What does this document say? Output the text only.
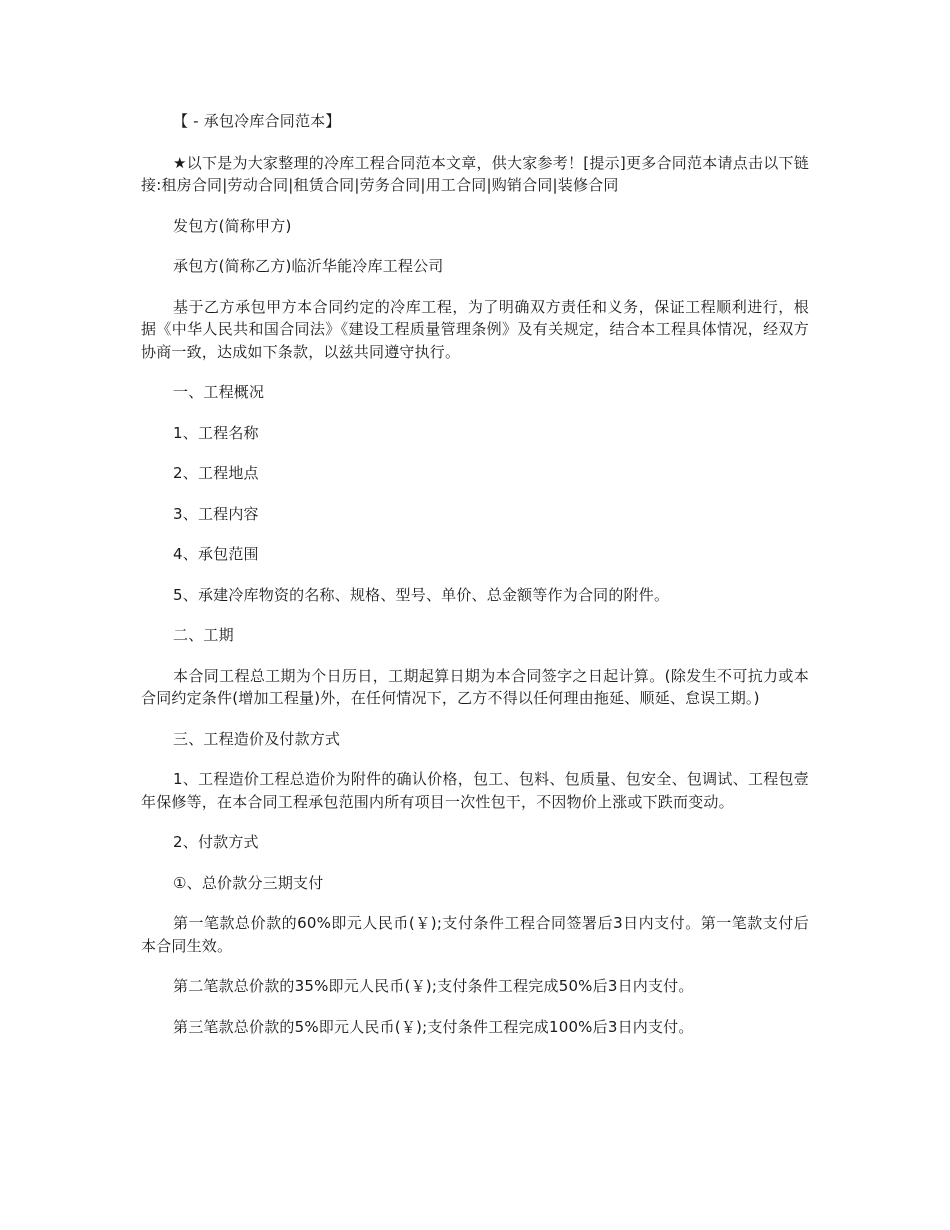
【 - 承包冷库合同范本】

★以下是为大家整理的冷库工程合同范本文章，供大家参考！[提示]更多合同范本请点击以下链接:租房合同|劳动合同|租赁合同|劳务合同|用工合同|购销合同|装修合同

发包方(简称甲方)

承包方(简称乙方)临沂华能冷库工程公司

基于乙方承包甲方本合同约定的冷库工程，为了明确双方责任和义务，保证工程顺利进行，根据《中华人民共和国合同法》《建设工程质量管理条例》及有关规定，结合本工程具体情况，经双方协商一致，达成如下条款，以兹共同遵守执行。

一、工程概况

1、工程名称

2、工程地点

3、工程内容

4、承包范围

5、承建冷库物资的名称、规格、型号、单价、总金额等作为合同的附件。

二、工期

本合同工程总工期为个日历日，工期起算日期为本合同签字之日起计算。(除发生不可抗力或本合同约定条件(增加工程量)外，在任何情况下，乙方不得以任何理由拖延、顺延、怠误工期。)

三、工程造价及付款方式

1、工程造价工程总造价为附件的确认价格，包工、包料、包质量、包安全、包调试、工程包壹年保修等，在本合同工程承包范围内所有项目一次性包干，不因物价上涨或下跌而变动。

2、付款方式

①、总价款分三期支付

第一笔款总价款的60%即元人民币(￥);支付条件工程合同签署后3日内支付。第一笔款支付后本合同生效。

第二笔款总价款的35%即元人民币(￥);支付条件工程完成50%后3日内支付。

第三笔款总价款的5%即元人民币(￥);支付条件工程完成100%后3日内支付。
